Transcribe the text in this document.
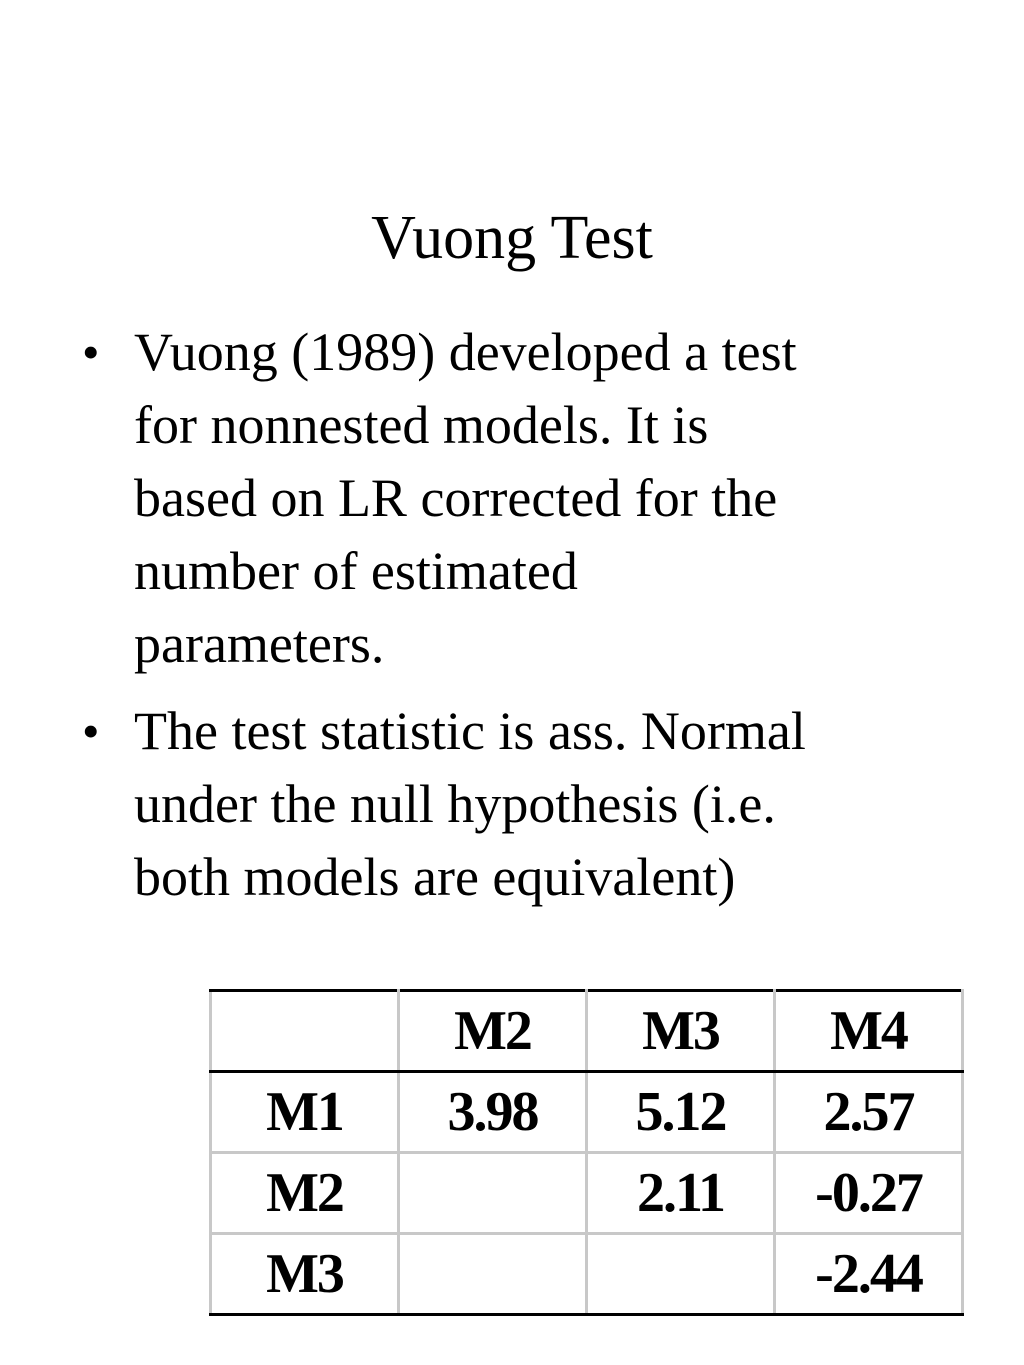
Vuong Test
• Vuong (1989) developed a test
for nonnested models. It is
based on LR corrected for the
number of estimated
parameters.
• The test statistic is ass. Normal
under the null hypothesis (i.e.
both models are equivalent)
	M2	M3	M4
M1	3.98	5.12	2.57
M2		2.11	-0.27
M3			-2.44
